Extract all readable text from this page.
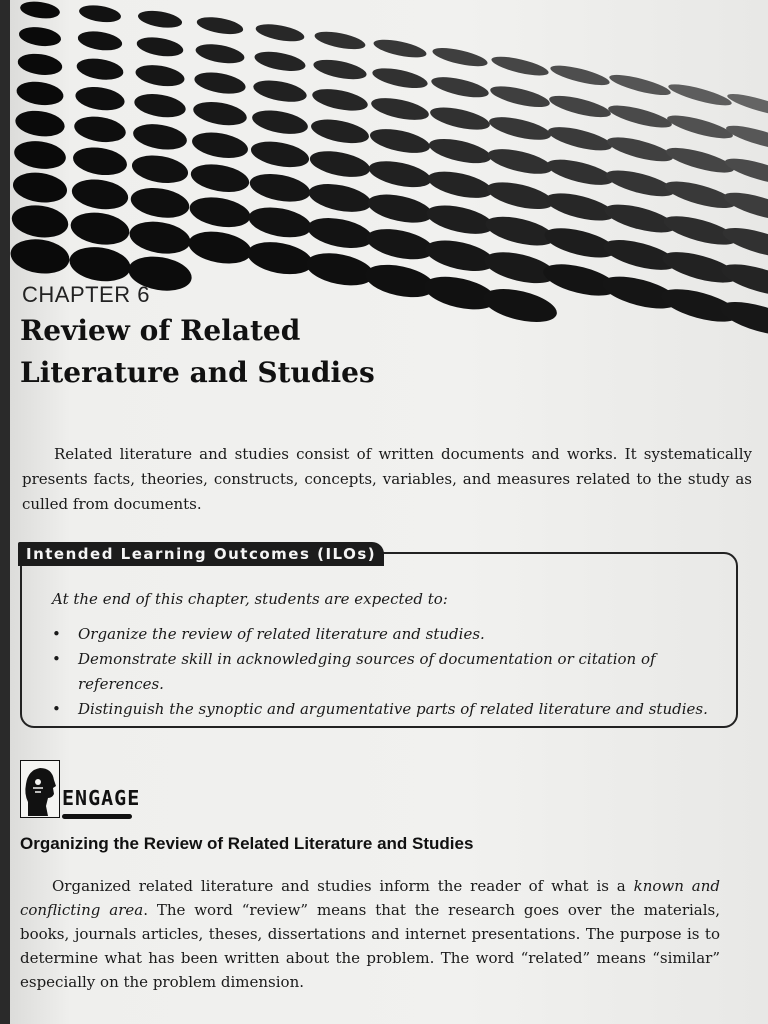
CHAPTER 6
Review of Related
Literature and Studies

Related literature and studies consist of written documents and works. It systematically presents facts, theories, constructs, concepts, variables, and measures related to the study as culled from documents.

Intended Learning Outcomes (ILOs)

At the end of this chapter, students are expected to:

• Organize the review of related literature and studies.
• Demonstrate skill in acknowledging sources of documentation or citation of references.
• Distinguish the synoptic and argumentative parts of related literature and studies.
ENGAGE
Organizing the Review of Related Literature and Studies

Organized related literature and studies inform the reader of what is a known and conflicting area. The word “review” means that the research goes over the materials, books, journals articles, theses, dissertations and internet presentations. The purpose is to determine what has been written about the problem. The word “related” means “similar” especially on the problem dimension.
